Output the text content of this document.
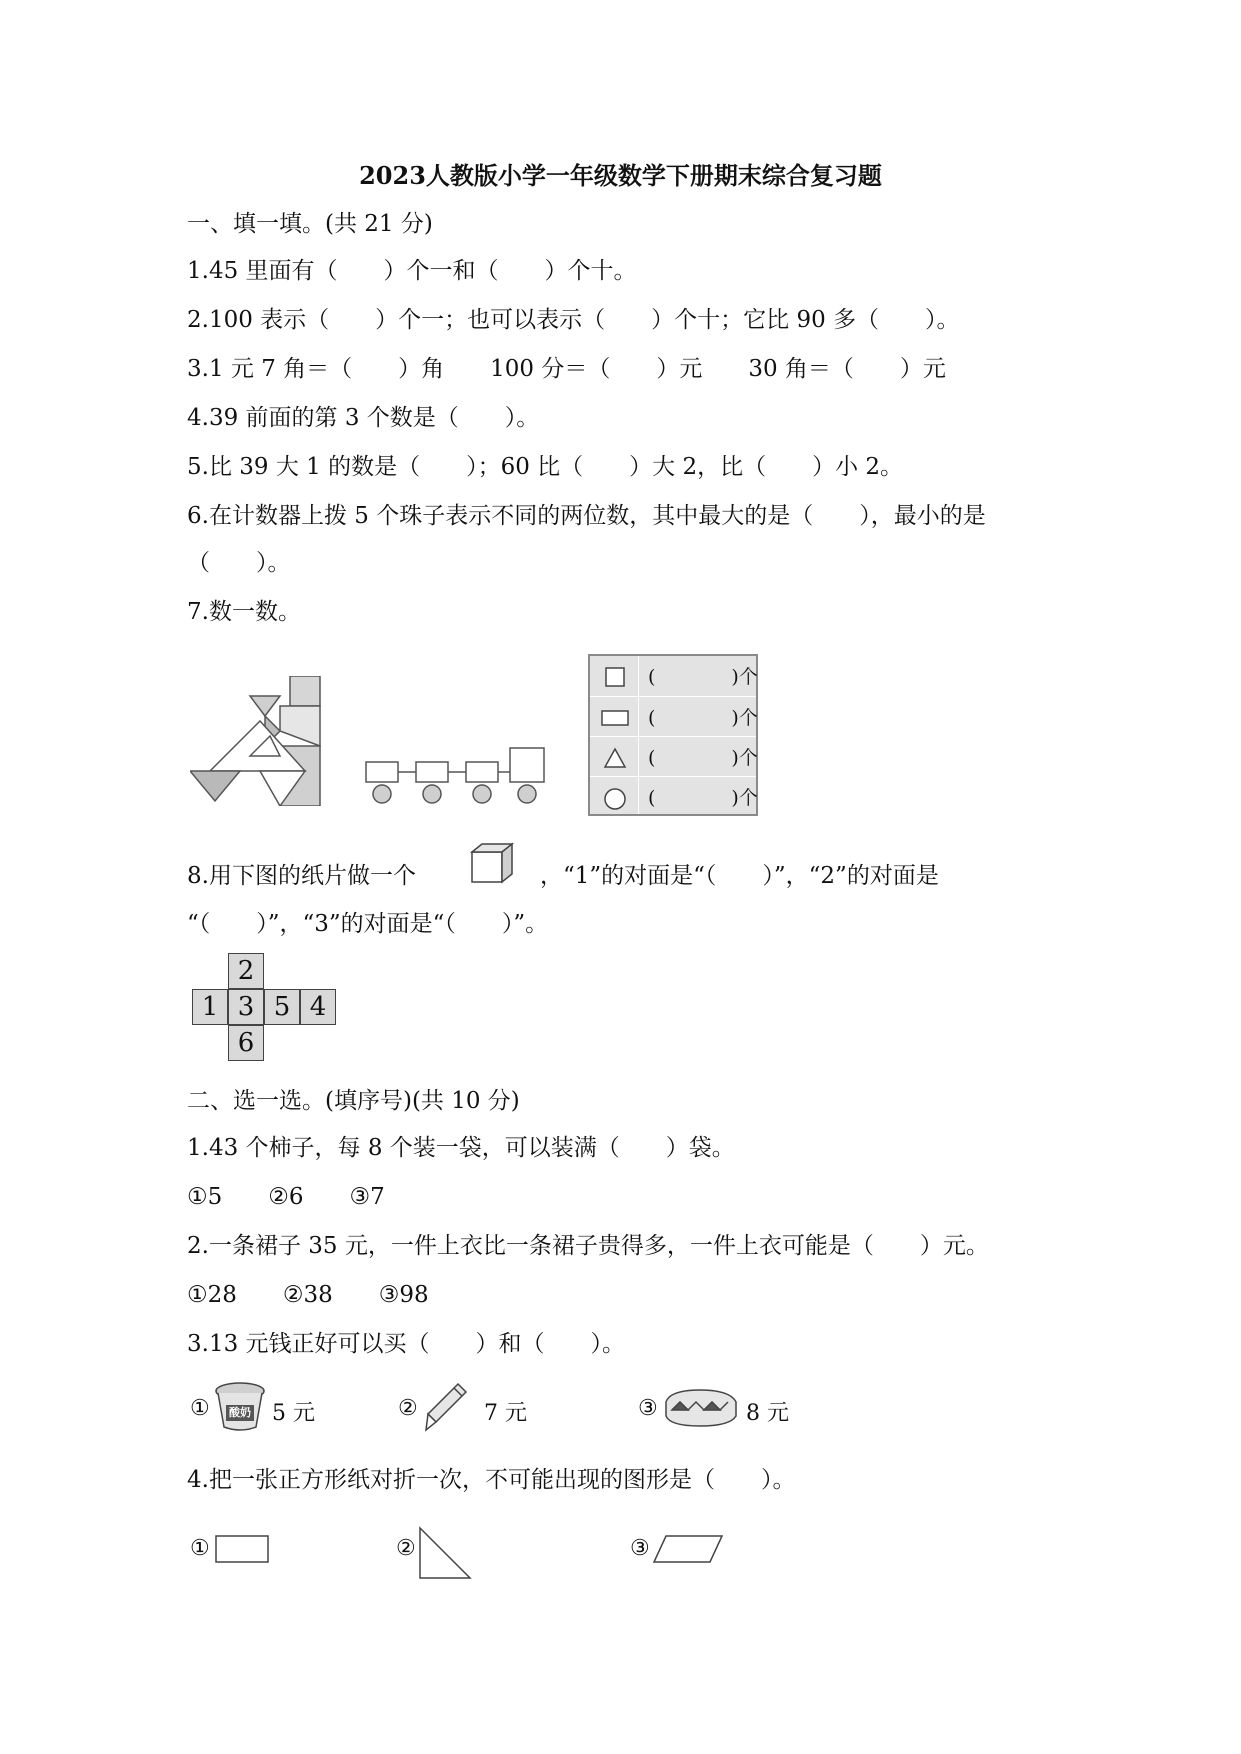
2023人教版小学一年级数学下册期末综合复习题
一、填一填。(共 21 分)
1.45 里面有（　　）个一和（　　）个十。
2.100 表示（　　）个一；也可以表示（　　）个十；它比 90 多（　　）。
3.1 元 7 角＝（　　）角　　100 分＝（　　）元　　30 角＝（　　）元
4.39 前面的第 3 个数是（　　）。
5.比 39 大 1 的数是（　　）；60 比（　　）大 2，比（　　）小 2。
6.在计数器上拨 5 个珠子表示不同的两位数，其中最大的是（　　），最小的是
（　　）。
7.数一数。
(　　　　)个
(　　　　)个
(　　　　)个
(　　　　)个
8.用下图的纸片做一个	，“1”的对面是“（　　）”，“2”的对面是
“（　　）”，“3”的对面是“（　　）”。
2
1 3 5 4
6
二、选一选。(填序号)(共 10 分)
1.43 个柿子，每 8 个装一袋，可以装满（　　）袋。
①5　　②6　　③7
2.一条裙子 35 元，一件上衣比一条裙子贵得多，一件上衣可能是（　　）元。
①28　　②38　　③98
3.13 元钱正好可以买（　　）和（　　）。
① 酸奶 5 元	②	7 元	③	8 元
4.把一张正方形纸对折一次，不可能出现的图形是（　　）。
①	②	③
